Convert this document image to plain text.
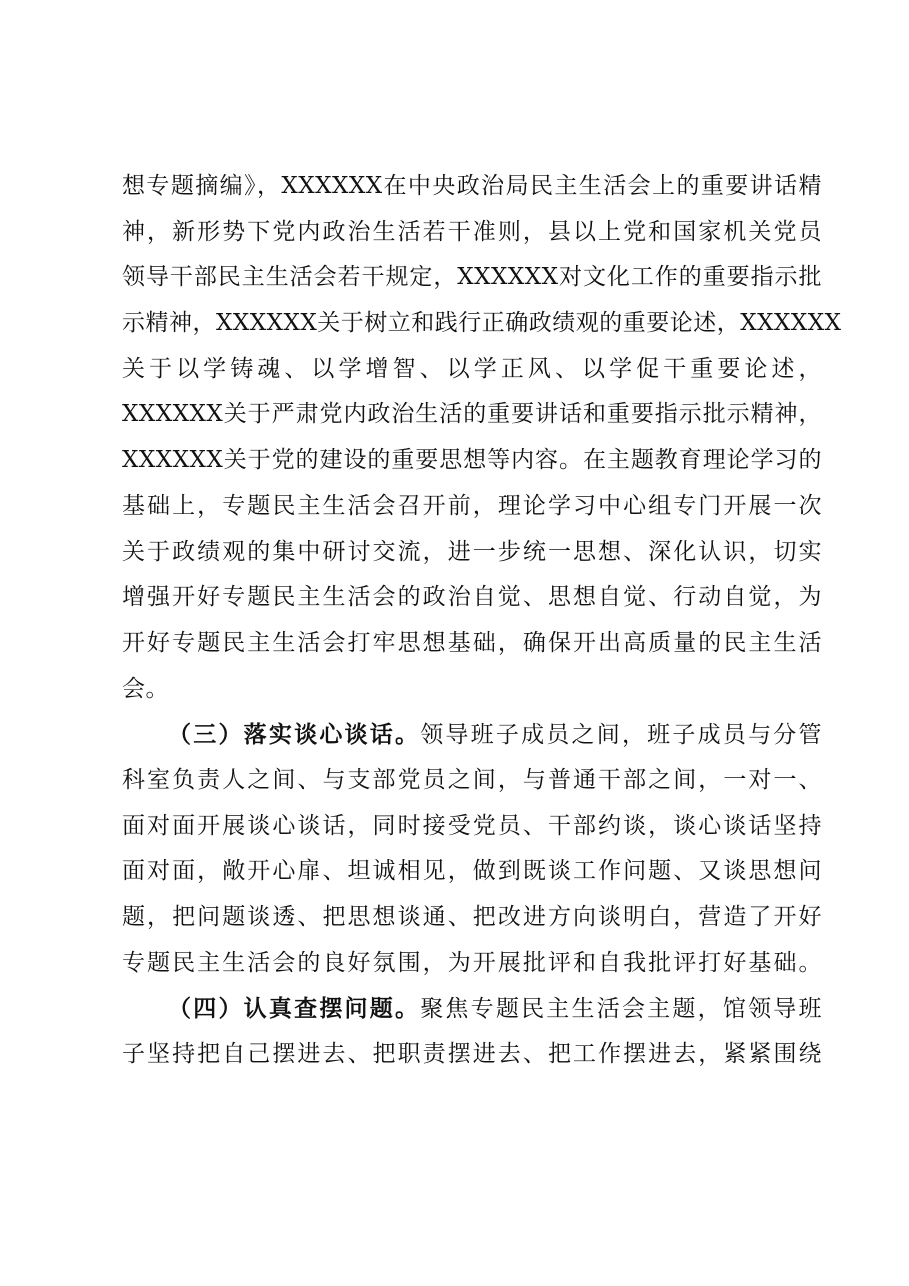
想专题摘编》，XXXXXX在中央政治局民主生活会上的重要讲话精
神，新形势下党内政治生活若干准则，县以上党和国家机关党员
领导干部民主生活会若干规定，XXXXXX对文化工作的重要指示批
示精神，XXXXXX关于树立和践行正确政绩观的重要论述，XXXXXX
关于以学铸魂、以学增智、以学正风、以学促干重要论述，
XXXXXX关于严肃党内政治生活的重要讲话和重要指示批示精神，
XXXXXX关于党的建设的重要思想等内容。在主题教育理论学习的
基础上，专题民主生活会召开前，理论学习中心组专门开展一次
关于政绩观的集中研讨交流，进一步统一思想、深化认识，切实
增强开好专题民主生活会的政治自觉、思想自觉、行动自觉，为
开好专题民主生活会打牢思想基础，确保开出高质量的民主生活
会。
（三）落实谈心谈话。领导班子成员之间，班子成员与分管
科室负责人之间、与支部党员之间，与普通干部之间，一对一、
面对面开展谈心谈话，同时接受党员、干部约谈，谈心谈话坚持
面对面，敞开心扉、坦诚相见，做到既谈工作问题、又谈思想问
题，把问题谈透、把思想谈通、把改进方向谈明白，营造了开好
专题民主生活会的良好氛围，为开展批评和自我批评打好基础。
（四）认真查摆问题。聚焦专题民主生活会主题，馆领导班
子坚持把自己摆进去、把职责摆进去、把工作摆进去，紧紧围绕
